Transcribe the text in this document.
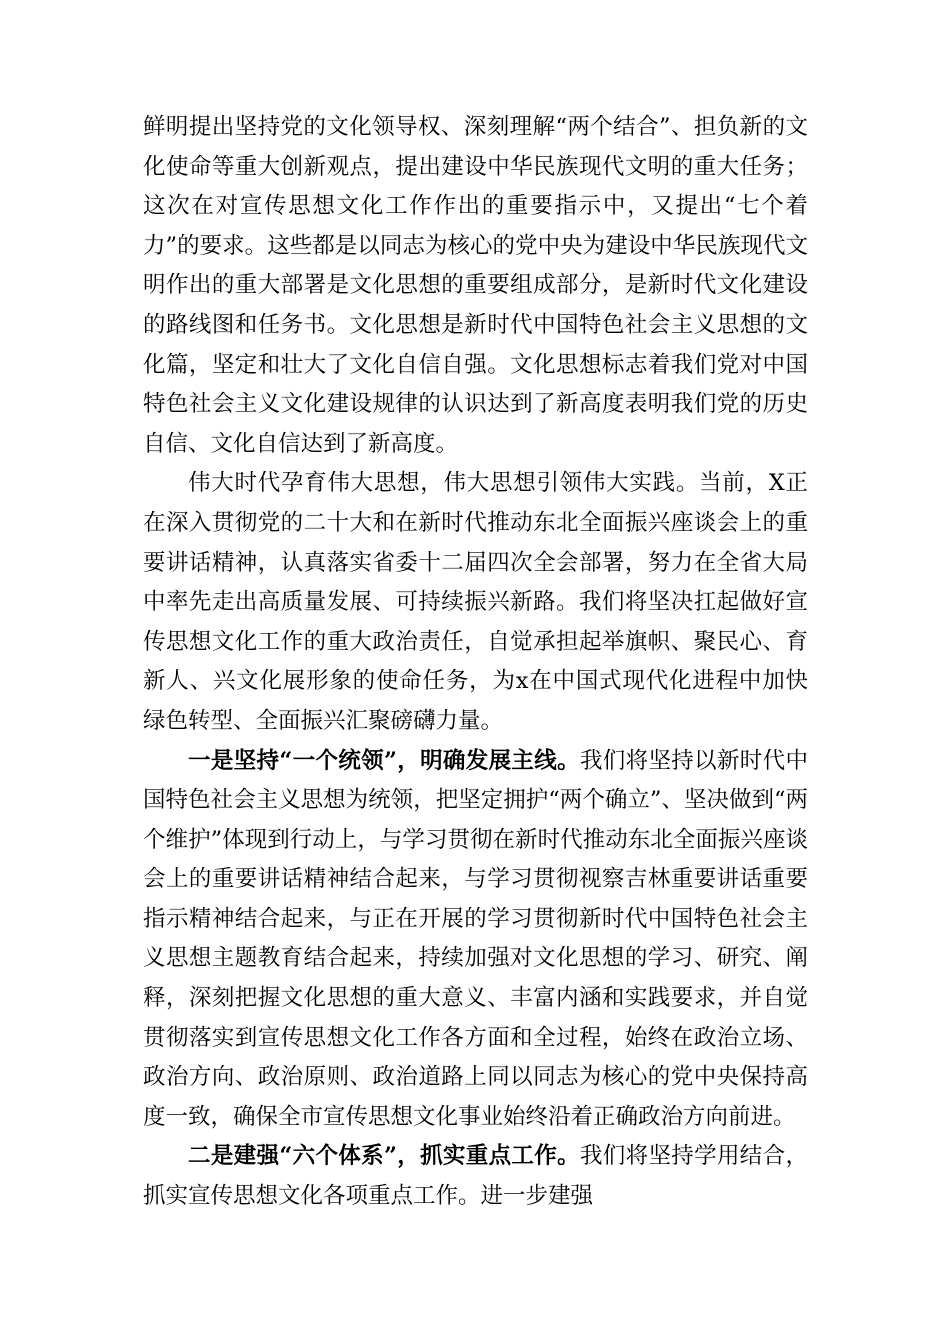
鲜明提出坚持党的文化领导权、深刻理解“两个结合”、担负新的文化使命等重大创新观点，提出建设中华民族现代文明的重大任务；这次在对宣传思想文化工作作出的重要指示中，又提出“七个着力”的要求。这些都是以同志为核心的党中央为建设中华民族现代文明作出的重大部署是文化思想的重要组成部分，是新时代文化建设的路线图和任务书。文化思想是新时代中国特色社会主义思想的文化篇，坚定和壮大了文化自信自强。文化思想标志着我们党对中国特色社会主义文化建设规律的认识达到了新高度表明我们党的历史自信、文化自信达到了新高度。

伟大时代孕育伟大思想，伟大思想引领伟大实践。当前，X正在深入贯彻党的二十大和在新时代推动东北全面振兴座谈会上的重要讲话精神，认真落实省委十二届四次全会部署，努力在全省大局中率先走出高质量发展、可持续振兴新路。我们将坚决扛起做好宣传思想文化工作的重大政治责任，自觉承担起举旗帜、聚民心、育新人、兴文化展形象的使命任务，为x在中国式现代化进程中加快绿色转型、全面振兴汇聚磅礴力量。

一是坚持“一个统领”，明确发展主线。我们将坚持以新时代中国特色社会主义思想为统领，把坚定拥护“两个确立”、坚决做到“两个维护”体现到行动上，与学习贯彻在新时代推动东北全面振兴座谈会上的重要讲话精神结合起来，与学习贯彻视察吉林重要讲话重要指示精神结合起来，与正在开展的学习贯彻新时代中国特色社会主义思想主题教育结合起来，持续加强对文化思想的学习、研究、阐释，深刻把握文化思想的重大意义、丰富内涵和实践要求，并自觉贯彻落实到宣传思想文化工作各方面和全过程，始终在政治立场、政治方向、政治原则、政治道路上同以同志为核心的党中央保持高度一致，确保全市宣传思想文化事业始终沿着正确政治方向前进。

二是建强“六个体系”，抓实重点工作。我们将坚持学用结合，抓实宣传思想文化各项重点工作。进一步建强
